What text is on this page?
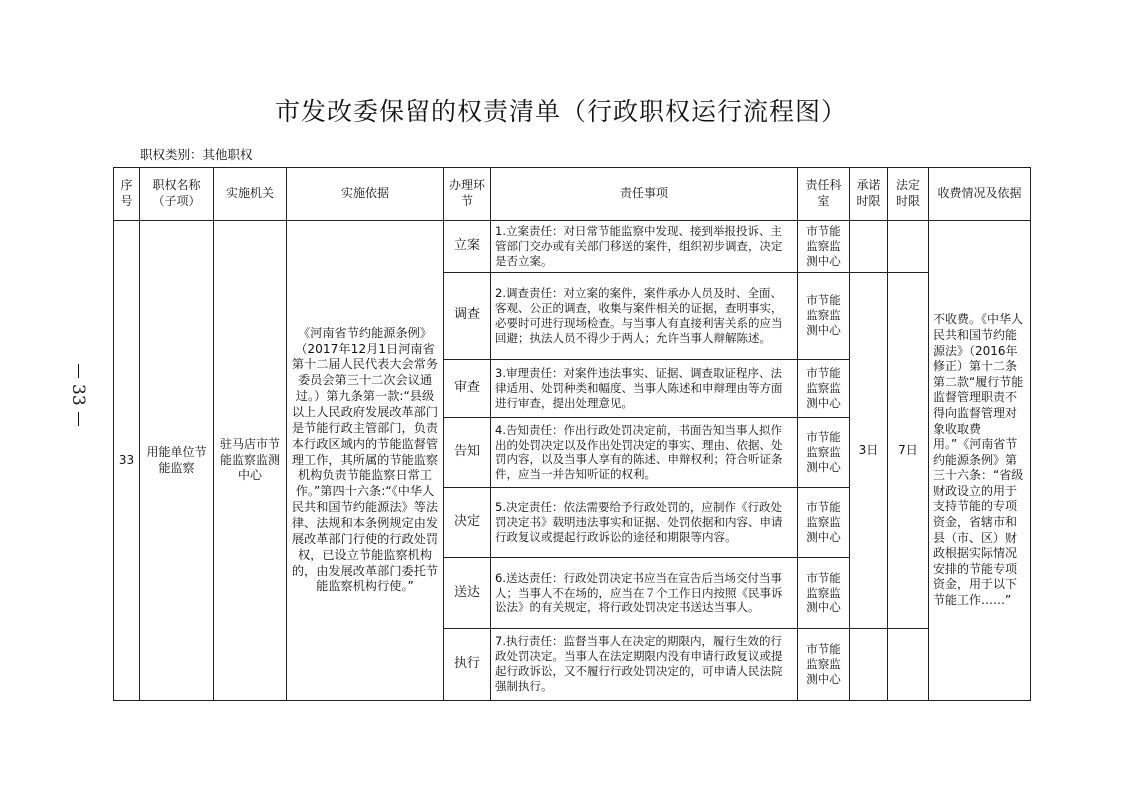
市发改委保留的权责清单（行政职权运行流程图）
职权类别：其他职权
33
序号	职权名称（子项）	实施机关	实施依据	办理环节	责任事项	责任科室	承诺时限	法定时限	收费情况及依据
33	用能单位节能监察	驻马店市节能监察监测中心	《河南省节约能源条例》（2017年12月1日河南省第十二届人民代表大会常务委员会第三十二次会议通过。）第九条第一款:“县级以上人民政府发展改革部门是节能行政主管部门，负责本行政区域内的节能监督管理工作，其所属的节能监察机构负责节能监察日常工作。”第四十六条:“《中华人民共和国节约能源法》等法律、法规和本条例规定由发展改革部门行使的行政处罚权，已设立节能监察机构的，由发展改革部门委托节能监察机构行使。”	立案	1.立案责任：对日常节能监察中发现、接到举报投诉、主管部门交办或有关部门移送的案件，组织初步调查，决定是否立案。	市节能监察监测中心			不收费。《中华人民共和国节约能源法》（2016年修正）第十二条第二款“履行节能监督管理职责不得向监督管理对象收取费用。”《河南省节约能源条例》第三十六条：“省级财政设立的用于支持节能的专项资金，省辖市和县（市、区）财政根据实际情况安排的节能专项资金，用于以下节能工作……”
				调查	2.调查责任：对立案的案件，案件承办人员及时、全面、客观、公正的调查，收集与案件相关的证据，查明事实，必要时可进行现场检查。与当事人有直接利害关系的应当回避；执法人员不得少于两人；允许当事人辩解陈述。	市节能监察监测中心	3日	7日	
				审查	3.审理责任：对案件违法事实、证据、调查取证程序、法律适用、处罚种类和幅度、当事人陈述和申辩理由等方面进行审查，提出处理意见。	市节能监察监测中心			
				告知	4.告知责任：作出行政处罚决定前，书面告知当事人拟作出的处罚决定以及作出处罚决定的事实、理由、依据、处罚内容，以及当事人享有的陈述、申辩权利；符合听证条件，应当一并告知听证的权利。	市节能监察监测中心			
				决定	5.决定责任：依法需要给予行政处罚的，应制作《行政处罚决定书》载明违法事实和证据、处罚依据和内容、申请行政复议或提起行政诉讼的途径和期限等内容。	市节能监察监测中心			
				送达	6.送达责任：行政处罚决定书应当在宣告后当场交付当事人；当事人不在场的，应当在７个工作日内按照《民事诉讼法》的有关规定，将行政处罚决定书送达当事人。	市节能监察监测中心			
				执行	7.执行责任：监督当事人在决定的期限内，履行生效的行政处罚决定。当事人在法定期限内没有申请行政复议或提起行政诉讼，又不履行行政处罚决定的，可申请人民法院强制执行。	市节能监察监测中心			
